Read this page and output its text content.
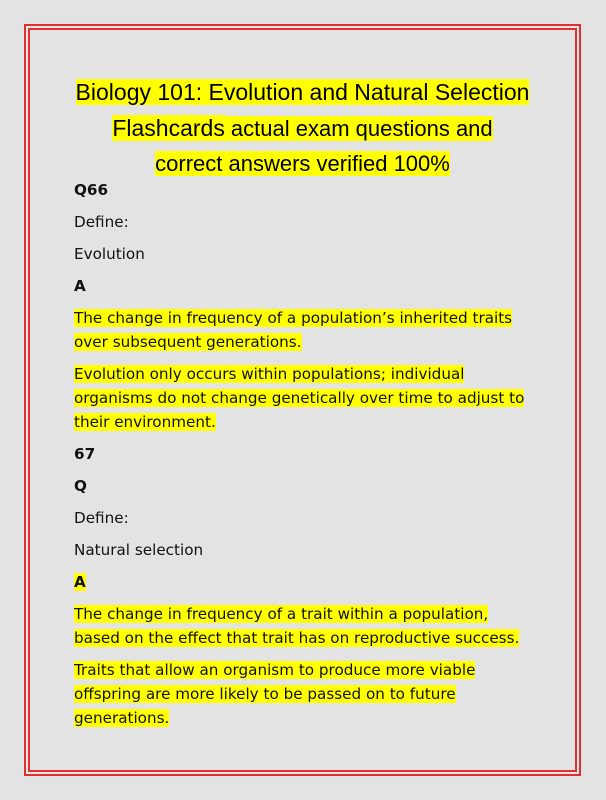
Biology 101: Evolution and Natural Selection
Flashcards actual exam questions and
correct answers verified 100%

Q66

Define:

Evolution

A

The change in frequency of a population’s inherited traits over subsequent generations.

Evolution only occurs within populations; individual organisms do not change genetically over time to adjust to their environment.

67

Q

Define:

Natural selection

A

The change in frequency of a trait within a population, based on the effect that trait has on reproductive success.

Traits that allow an organism to produce more viable offspring are more likely to be passed on to future generations.
